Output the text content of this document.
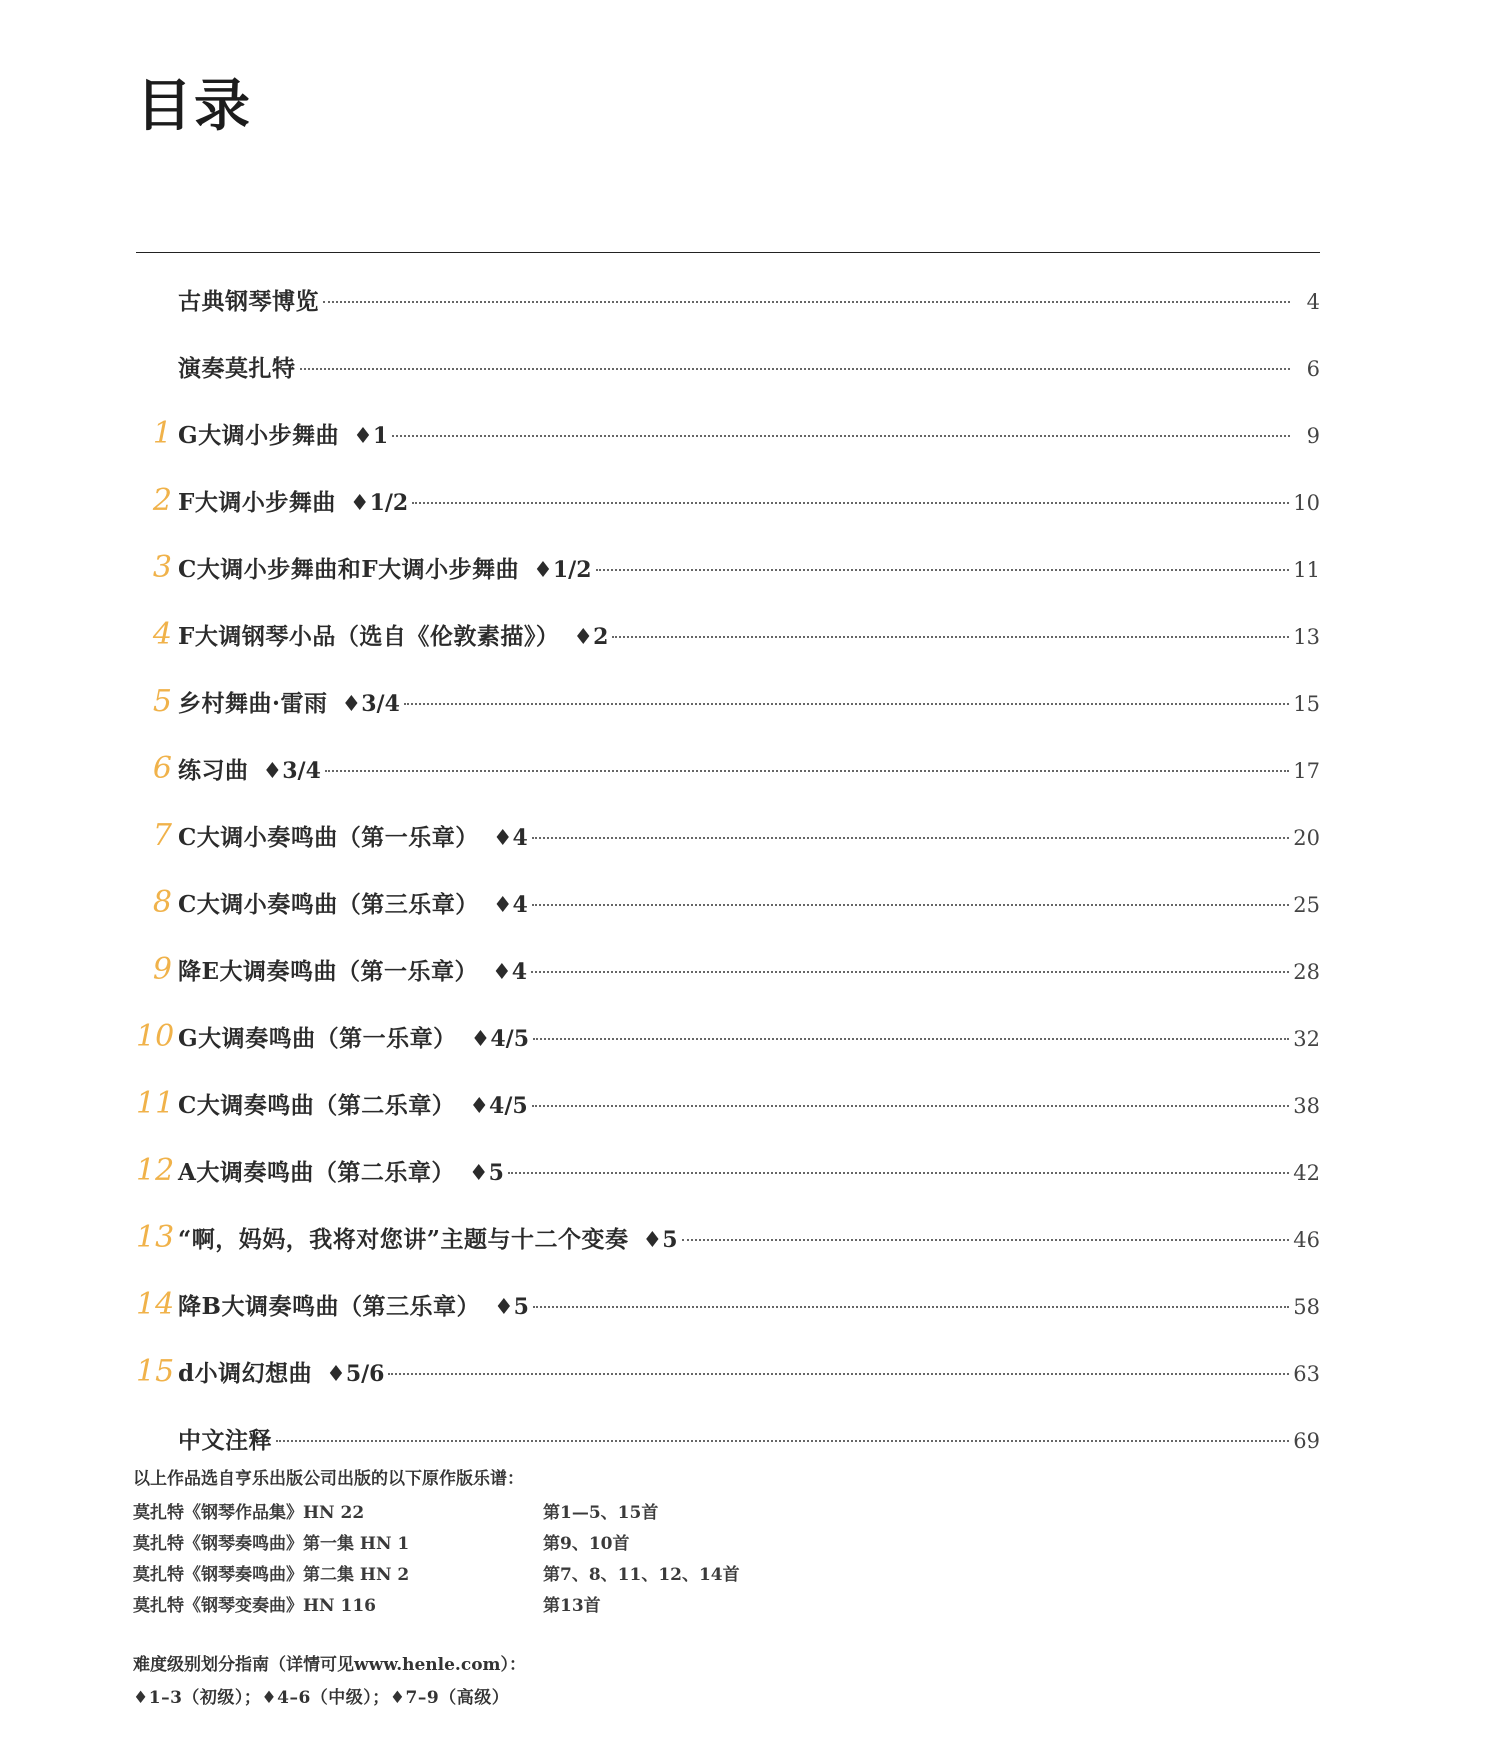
目录
古典钢琴博览	4
演奏莫扎特	6
1 G大调小步舞曲 ♦1	9
2 F大调小步舞曲 ♦1/2	10
3 C大调小步舞曲和F大调小步舞曲 ♦1/2	11
4 F大调钢琴小品（选自《伦敦素描》） ♦2	13
5 乡村舞曲·雷雨 ♦3/4	15
6 练习曲 ♦3/4	17
7 C大调小奏鸣曲（第一乐章） ♦4	20
8 C大调小奏鸣曲（第三乐章） ♦4	25
9 降E大调奏鸣曲（第一乐章） ♦4	28
10 G大调奏鸣曲（第一乐章） ♦4/5	32
11 C大调奏鸣曲（第二乐章） ♦4/5	38
12 A大调奏鸣曲（第二乐章） ♦5	42
13 “啊，妈妈，我将对您讲”主题与十二个变奏 ♦5	46
14 降B大调奏鸣曲（第三乐章） ♦5	58
15 d小调幻想曲 ♦5/6	63
中文注释	69
以上作品选自亨乐出版公司出版的以下原作版乐谱：
莫扎特《钢琴作品集》HN 22	第1—5、15首
莫扎特《钢琴奏鸣曲》第一集 HN 1	第9、10首
莫扎特《钢琴奏鸣曲》第二集 HN 2	第7、8、11、12、14首
莫扎特《钢琴变奏曲》HN 116	第13首
难度级别划分指南（详情可见www.henle.com）：
♦1–3（初级）；♦4–6（中级）；♦7–9（高级）
